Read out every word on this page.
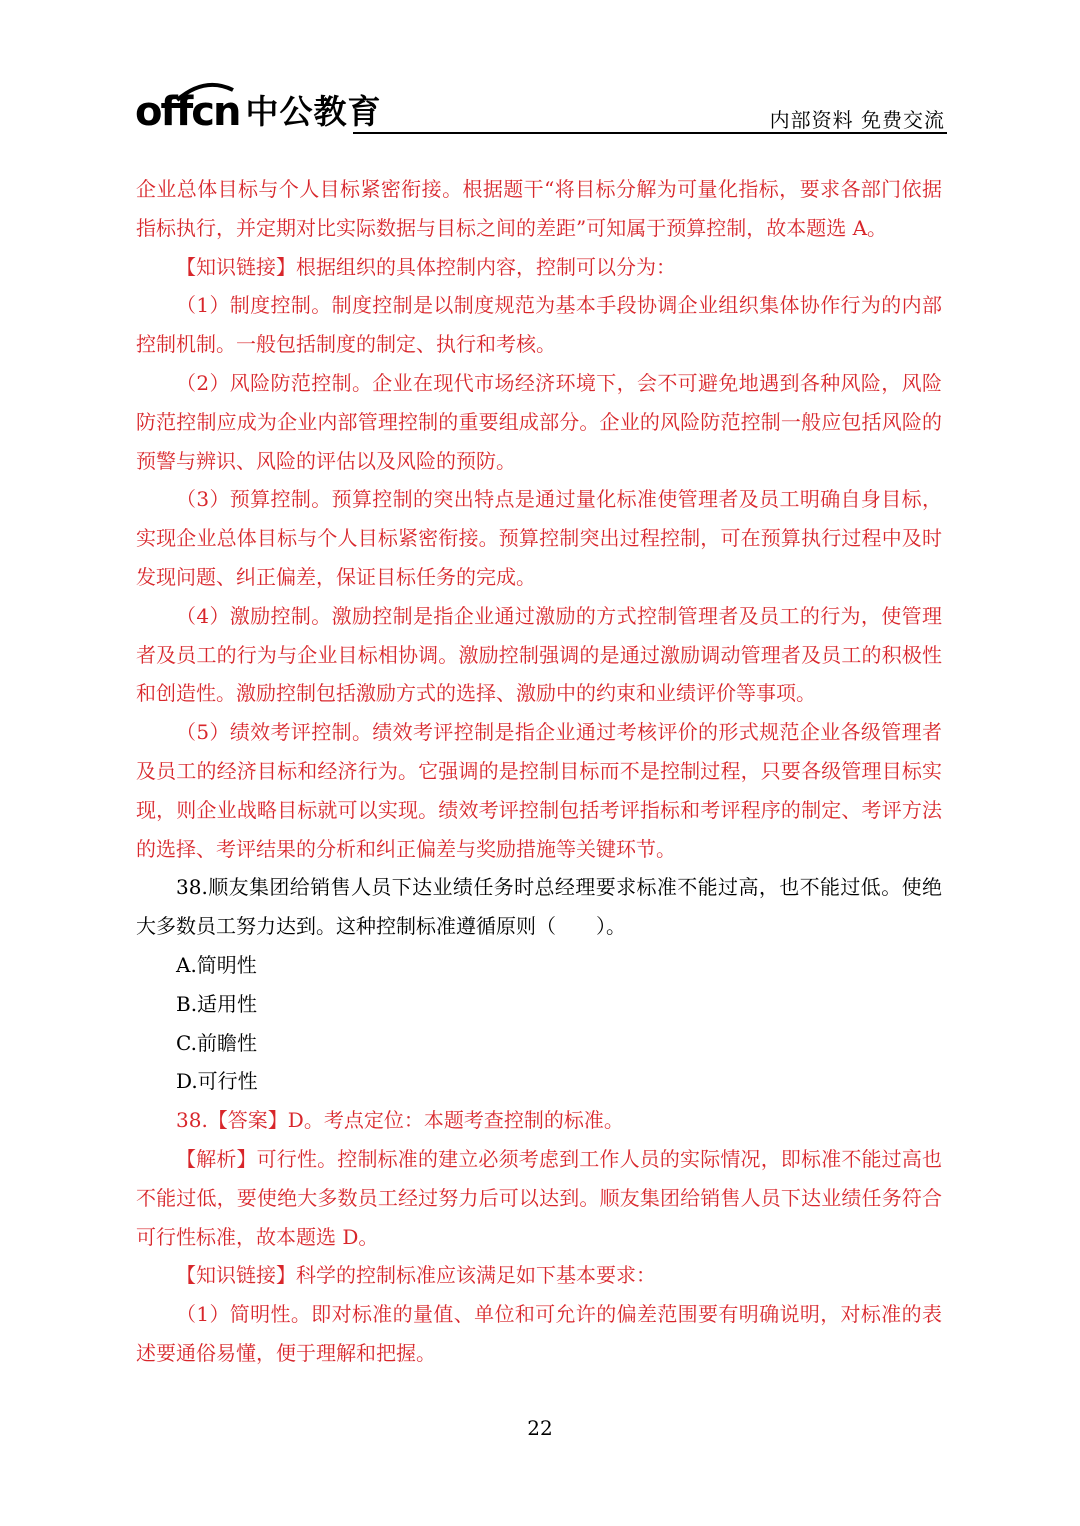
offcn 中公教育	内部资料 免费交流

企业总体目标与个人目标紧密衔接。根据题干“将目标分解为可量化指标，要求各部门依据指标执行，并定期对比实际数据与目标之间的差距”可知属于预算控制，故本题选 A。

【知识链接】根据组织的具体控制内容，控制可以分为：

（1）制度控制。制度控制是以制度规范为基本手段协调企业组织集体协作行为的内部控制机制。一般包括制度的制定、执行和考核。

（2）风险防范控制。企业在现代市场经济环境下，会不可避免地遇到各种风险，风险防范控制应成为企业内部管理控制的重要组成部分。企业的风险防范控制一般应包括风险的预警与辨识、风险的评估以及风险的预防。

（3）预算控制。预算控制的突出特点是通过量化标准使管理者及员工明确自身目标，实现企业总体目标与个人目标紧密衔接。预算控制突出过程控制，可在预算执行过程中及时发现问题、纠正偏差，保证目标任务的完成。

（4）激励控制。激励控制是指企业通过激励的方式控制管理者及员工的行为，使管理者及员工的行为与企业目标相协调。激励控制强调的是通过激励调动管理者及员工的积极性和创造性。激励控制包括激励方式的选择、激励中的约束和业绩评价等事项。

（5）绩效考评控制。绩效考评控制是指企业通过考核评价的形式规范企业各级管理者及员工的经济目标和经济行为。它强调的是控制目标而不是控制过程，只要各级管理目标实现，则企业战略目标就可以实现。绩效考评控制包括考评指标和考评程序的制定、考评方法的选择、考评结果的分析和纠正偏差与奖励措施等关键环节。

38.顺友集团给销售人员下达业绩任务时总经理要求标准不能过高，也不能过低。使绝大多数员工努力达到。这种控制标准遵循原则（　　）。

A.简明性
B.适用性
C.前瞻性
D.可行性

38.【答案】D。考点定位：本题考查控制的标准。

【解析】可行性。控制标准的建立必须考虑到工作人员的实际情况，即标准不能过高也不能过低，要使绝大多数员工经过努力后可以达到。顺友集团给销售人员下达业绩任务符合可行性标准，故本题选 D。

【知识链接】科学的控制标准应该满足如下基本要求：

（1）简明性。即对标准的量值、单位和可允许的偏差范围要有明确说明，对标准的表述要通俗易懂，便于理解和把握。

22
